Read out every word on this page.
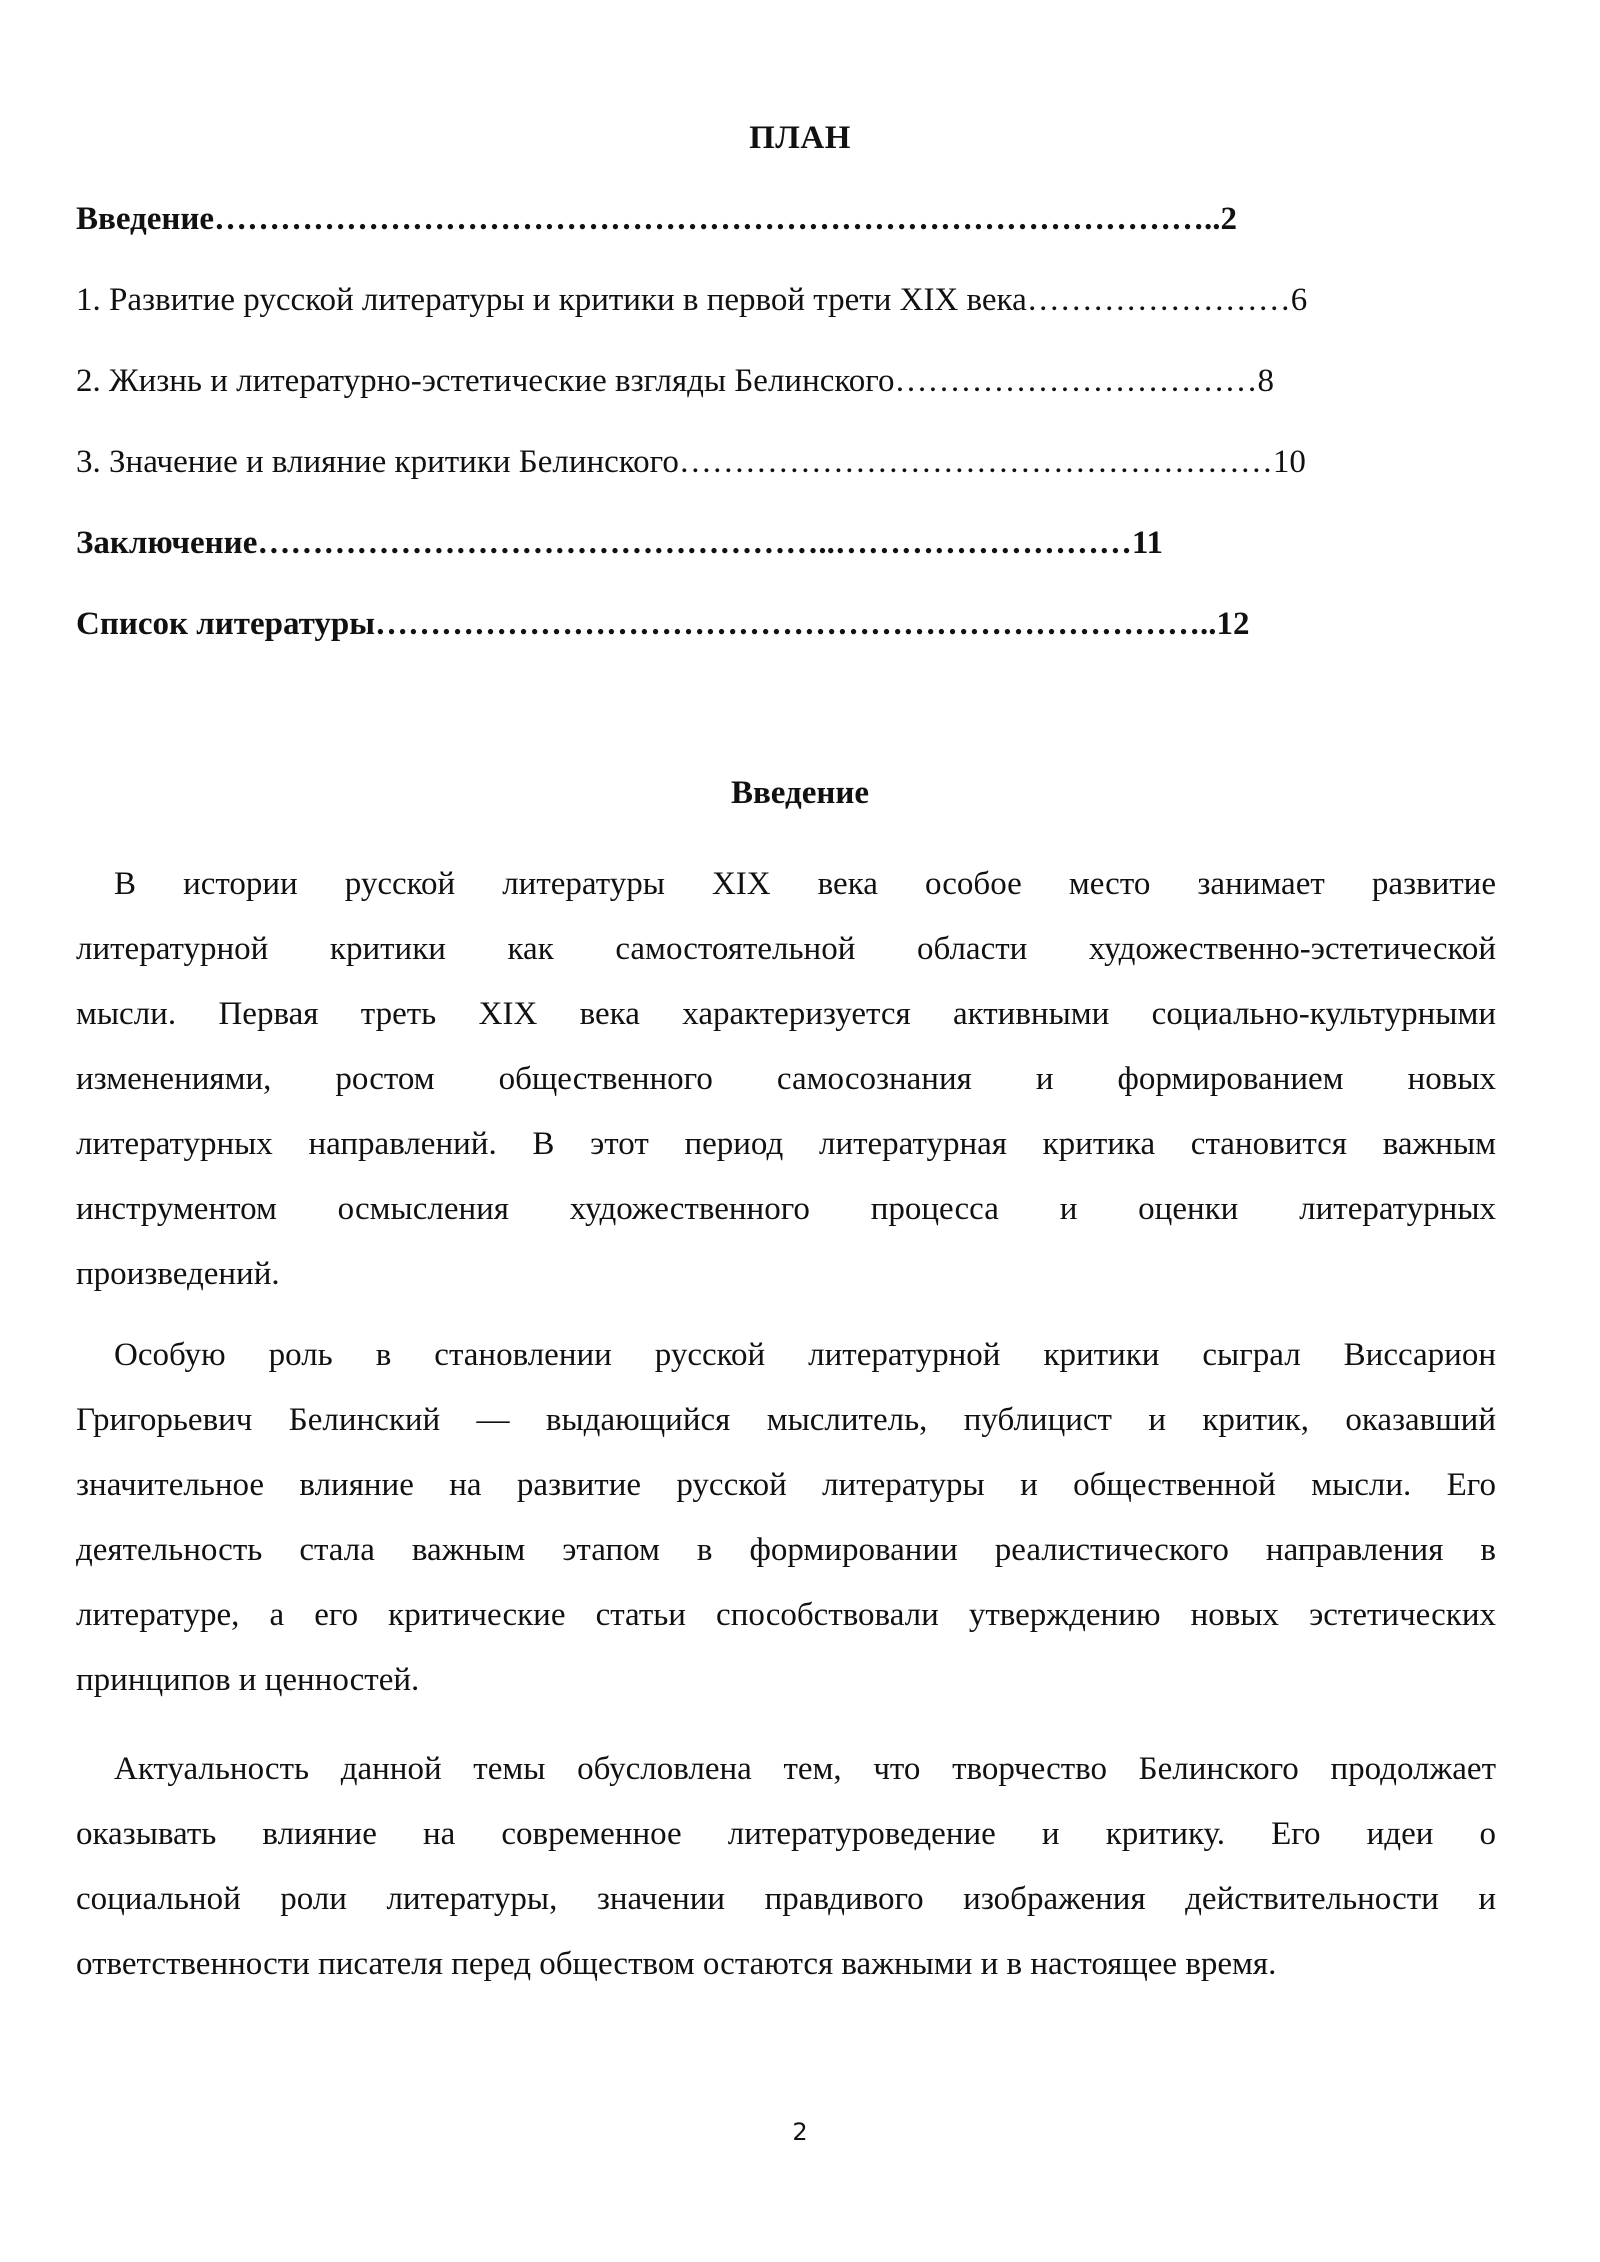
ПЛАН
Введение………………………………………………………………………………..2
1. Развитие русской литературы и критики в первой трети XIX века……………………6
2. Жизнь и литературно-эстетические взгляды Белинского……………………………8
3. Значение и влияние критики Белинского………………………………………………10
Заключение……………………………………………..………………………11
Список литературы…………………………………………………………………..12
Введение
В истории русской литературы XIX века особое место занимает развитие
литературной критики как самостоятельной области художественно-эстетической
мысли. Первая треть XIX века характеризуется активными социально-культурными
изменениями, ростом общественного самосознания и формированием новых
литературных направлений. В этот период литературная критика становится важным
инструментом осмысления художественного процесса и оценки литературных
произведений.
Особую роль в становлении русской литературной критики сыграл Виссарион
Григорьевич Белинский — выдающийся мыслитель, публицист и критик, оказавший
значительное влияние на развитие русской литературы и общественной мысли. Его
деятельность стала важным этапом в формировании реалистического направления в
литературе, а его критические статьи способствовали утверждению новых эстетических
принципов и ценностей.
Актуальность данной темы обусловлена тем, что творчество Белинского продолжает
оказывать влияние на современное литературоведение и критику. Его идеи о
социальной роли литературы, значении правдивого изображения действительности и
ответственности писателя перед обществом остаются важными и в настоящее время.
2
